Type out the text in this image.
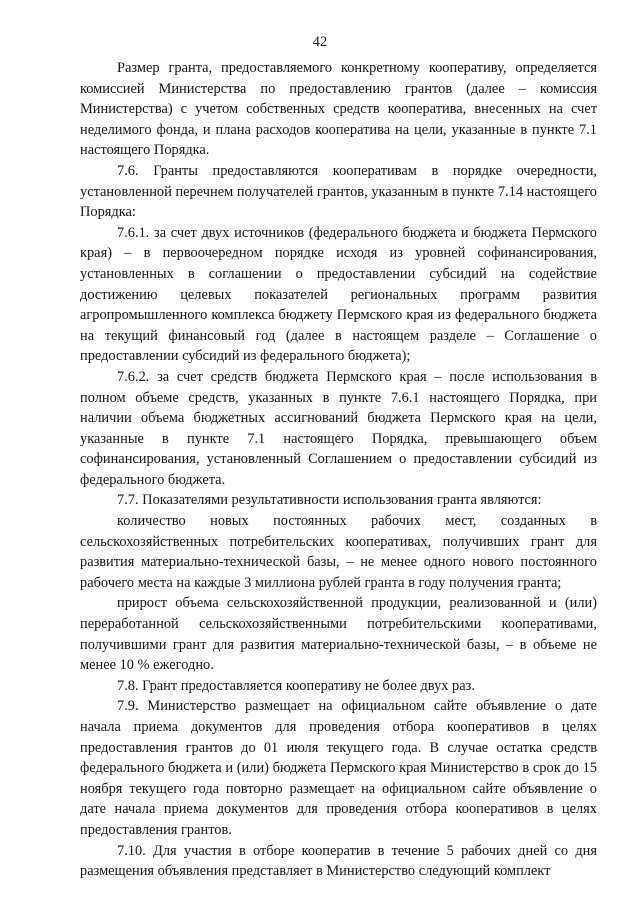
42

Размер гранта, предоставляемого конкретному кооперативу, определяется комиссией Министерства по предоставлению грантов (далее – комиссия Министерства) с учетом собственных средств кооператива, внесенных на счет неделимого фонда, и плана расходов кооператива на цели, указанные в пункте 7.1 настоящего Порядка.

7.6. Гранты предоставляются кооперативам в порядке очередности, установленной перечнем получателей грантов, указанным в пункте 7.14 настоящего Порядка:

7.6.1. за счет двух источников (федерального бюджета и бюджета Пермского края) – в первоочередном порядке исходя из уровней софинансирования, установленных в соглашении о предоставлении субсидий на содействие достижению целевых показателей региональных программ развития агропромышленного комплекса бюджету Пермского края из федерального бюджета на текущий финансовый год (далее в настоящем разделе – Соглашение о предоставлении субсидий из федерального бюджета);

7.6.2. за счет средств бюджета Пермского края – после использования в полном объеме средств, указанных в пункте 7.6.1 настоящего Порядка, при наличии объема бюджетных ассигнований бюджета Пермского края на цели, указанные в пункте 7.1 настоящего Порядка, превышающего объем софинансирования, установленный Соглашением о предоставлении субсидий из федерального бюджета.

7.7. Показателями результативности использования гранта являются:

количество новых постоянных рабочих мест, созданных в сельскохозяйственных потребительских кооперативах, получивших грант для развития материально-технической базы, – не менее одного нового постоянного рабочего места на каждые 3 миллиона рублей гранта в году получения гранта;

прирост объема сельскохозяйственной продукции, реализованной и (или) переработанной сельскохозяйственными потребительскими кооперативами, получившими грант для развития материально-технической базы, – в объеме не менее 10 % ежегодно.

7.8. Грант предоставляется кооперативу не более двух раз.

7.9. Министерство размещает на официальном сайте объявление о дате начала приема документов для проведения отбора кооперативов в целях предоставления грантов до 01 июля текущего года. В случае остатка средств федерального бюджета и (или) бюджета Пермского края Министерство в срок до 15 ноября текущего года повторно размещает на официальном сайте объявление о дате начала приема документов для проведения отбора кооперативов в целях предоставления грантов.

7.10. Для участия в отборе кооператив в течение 5 рабочих дней со дня размещения объявления представляет в Министерство следующий комплект
